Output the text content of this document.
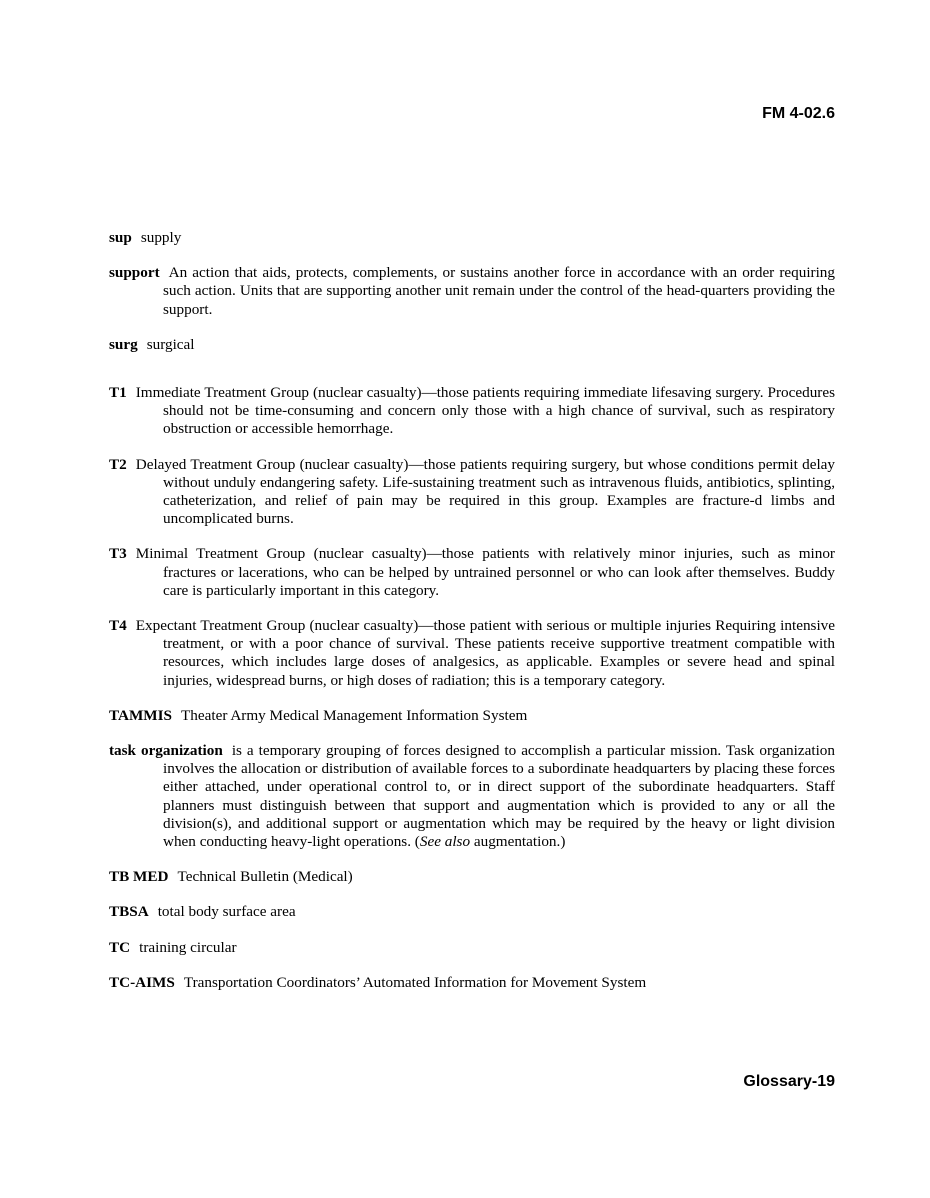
FM 4-02.6

sup supply

support An action that aids, protects, complements, or sustains another force in accordance with an order requiring such action. Units that are supporting another unit remain under the control of the head-quarters providing the support.

surg surgical

T1 Immediate Treatment Group (nuclear casualty)—those patients requiring immediate lifesaving surgery. Procedures should not be time-consuming and concern only those with a high chance of survival, such as respiratory obstruction or accessible hemorrhage.

T2 Delayed Treatment Group (nuclear casualty)—those patients requiring surgery, but whose conditions permit delay without unduly endangering safety. Life-sustaining treatment such as intravenous fluids, antibiotics, splinting, catheterization, and relief of pain may be required in this group. Examples are fracture-d limbs and uncomplicated burns.

T3 Minimal Treatment Group (nuclear casualty)—those patients with relatively minor injuries, such as minor fractures or lacerations, who can be helped by untrained personnel or who can look after themselves. Buddy care is particularly important in this category.

T4 Expectant Treatment Group (nuclear casualty)—those patient with serious or multiple injuries Requiring intensive treatment, or with a poor chance of survival. These patients receive supportive treatment compatible with resources, which includes large doses of analgesics, as applicable. Examples or severe head and spinal injuries, widespread burns, or high doses of radiation; this is a temporary category.

TAMMIS Theater Army Medical Management Information System

task organization is a temporary grouping of forces designed to accomplish a particular mission. Task organization involves the allocation or distribution of available forces to a subordinate headquarters by placing these forces either attached, under operational control to, or in direct support of the subordinate headquarters. Staff planners must distinguish between that support and augmentation which is provided to any or all the division(s), and additional support or augmentation which may be required by the heavy or light division when conducting heavy-light operations. (See also augmentation.)

TB MED Technical Bulletin (Medical)

TBSA total body surface area

TC training circular

TC-AIMS Transportation Coordinators’ Automated Information for Movement System

Glossary-19
